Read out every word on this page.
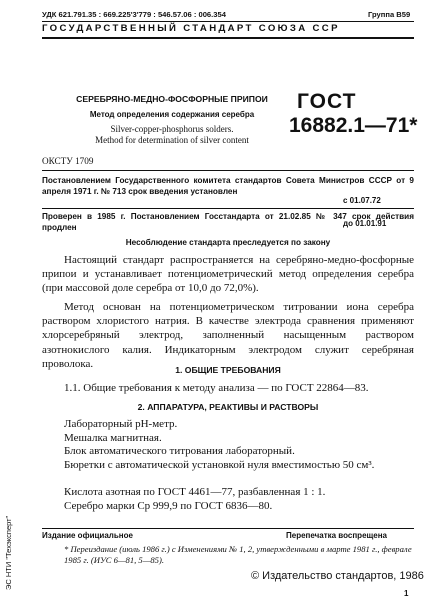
УДК 621.791.35 : 669.225'3'779 : 546.57.06 : 006.354	Группа В59
ГОСУДАРСТВЕННЫЙ СТАНДАРТ СОЮЗА ССР
СЕРЕБРЯНО-МЕДНО-ФОСФОРНЫЕ ПРИПОИ
Метод определения содержания серебра
Silver-copper-phosphorus solders.
Method for determination of silver content
ГОСТ
16882.1—71*
ОКСТУ 1709
Постановлением Государственного комитета стандартов Совета Министров СССР от 9 апреля 1971 г. № 713 срок введения установлен
с 01.07.72
Проверен в 1985 г. Постановлением Госстандарта от 21.02.85 № 347 срок действия продлен	до 01.01.91
Несоблюдение стандарта преследуется по закону
Настоящий стандарт распространяется на серебряно-медно-фосфорные припои и устанавливает потенциометрический метод определения серебра (при массовой доле серебра от 10,0 до 72,0%).
Метод основан на потенциометрическом титровании иона серебра раствором хлористого натрия. В качестве электрода сравнения применяют хлорсеребряный электрод, заполненный насыщенным раствором азотнокислого калия. Индикаторным электродом служит серебряная проволока.
1. ОБЩИЕ ТРЕБОВАНИЯ
1.1. Общие требования к методу анализа — по ГОСТ 22864—83.
2. АППАРАТУРА, РЕАКТИВЫ И РАСТВОРЫ
Лабораторный рН-метр.
Мешалка магнитная.
Блок автоматического титрования лабораторный.
Бюретки с автоматической установкой нуля вместимостью 50 см³.
Кислота азотная по ГОСТ 4461—77, разбавленная 1 : 1.
Серебро марки Ср 999,9 по ГОСТ 6836—80.
Издание официальное	Перепечатка воспрещена
* Переиздание (июль 1986 г.) с Изменениями № 1, 2, утвержденными в марте 1981 г., феврале 1985 г. (ИУС 6—81, 5—85).
© Издательство стандартов, 1986
1
ЭС НТИ "Техэксперт"
